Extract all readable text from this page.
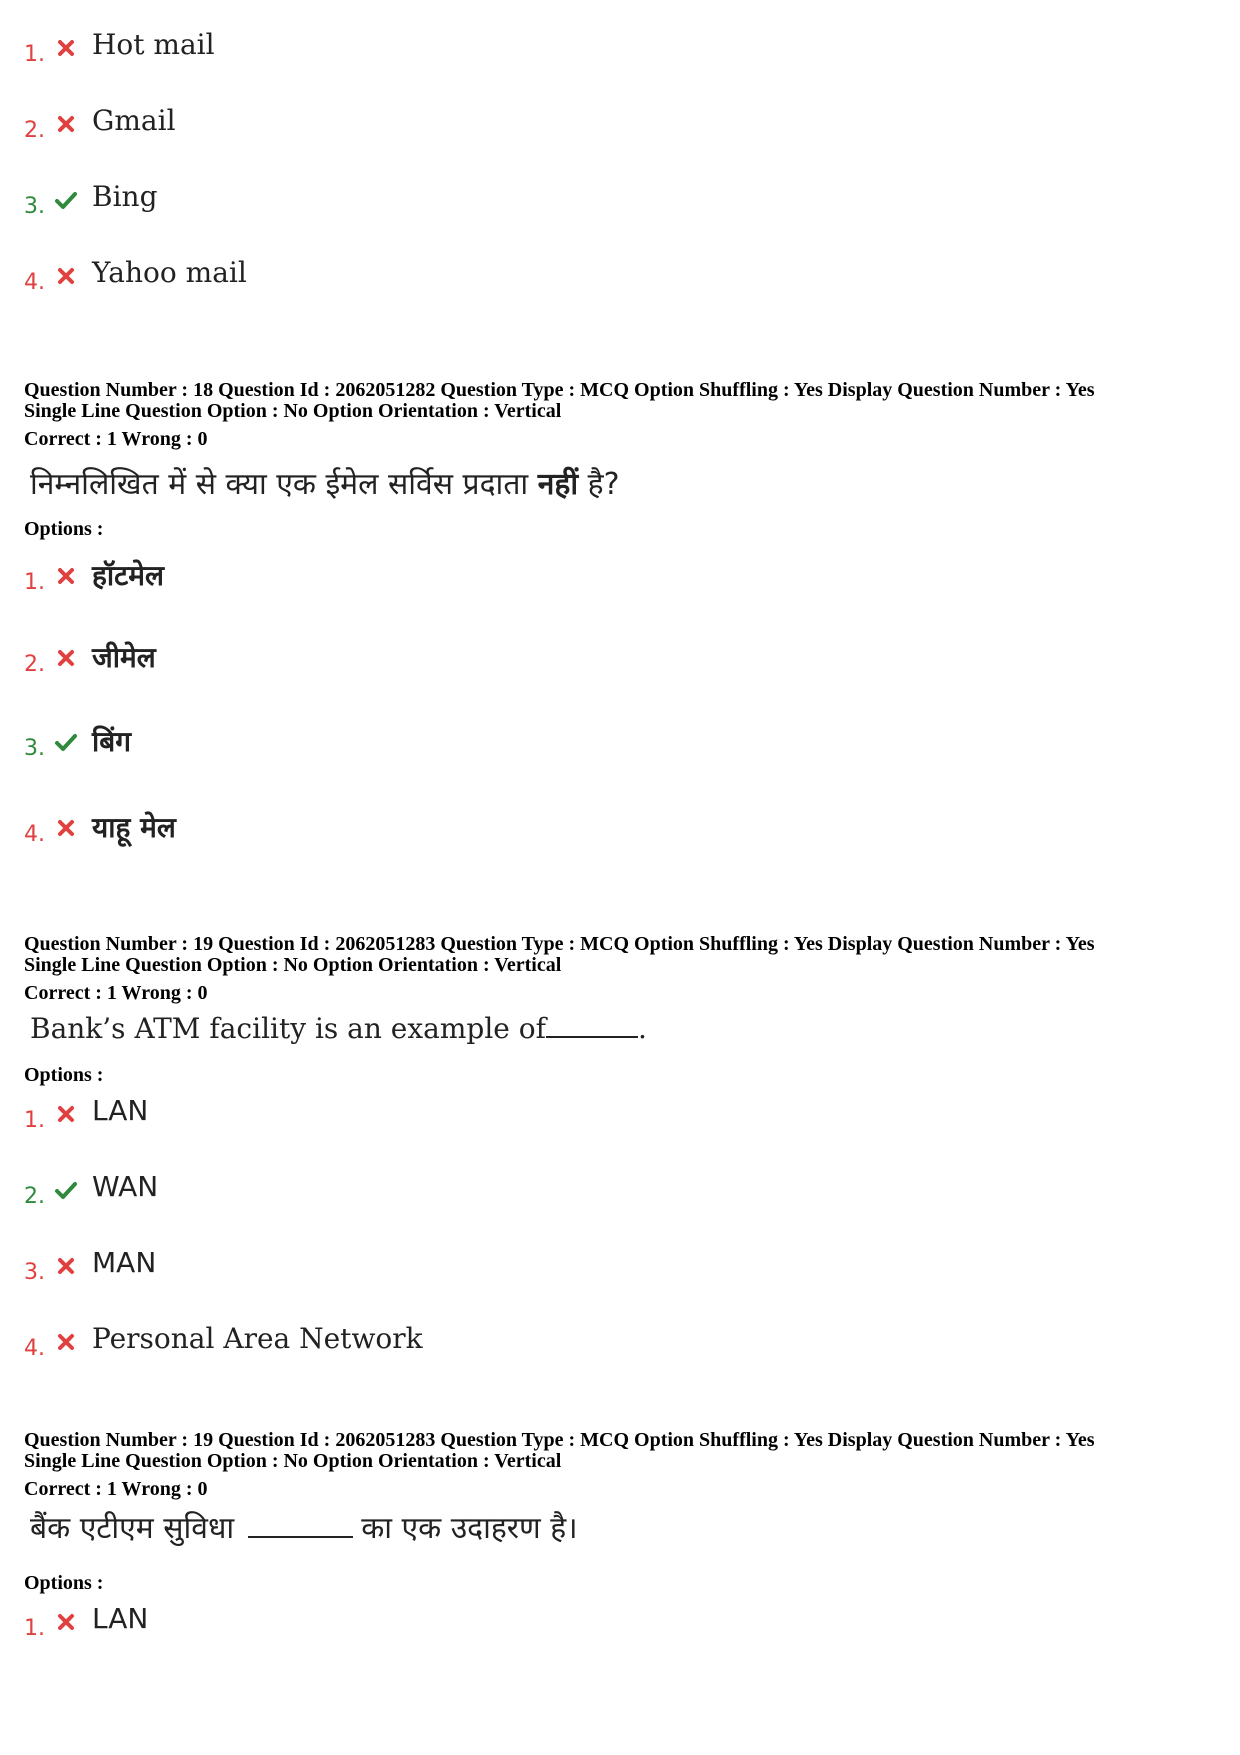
1. Hot mail
2. Gmail
3. Bing
4. Yahoo mail
Question Number : 18 Question Id : 2062051282 Question Type : MCQ Option Shuffling : Yes Display Question Number : Yes
Single Line Question Option : No Option Orientation : Vertical
Correct : 1 Wrong : 0
निम्नलिखित में से क्या एक ईमेल सर्विस प्रदाता नहीं है?
Options :
1. हॉटमेल
2. जीमेल
3. बिंग
4. याहू मेल
Question Number : 19 Question Id : 2062051283 Question Type : MCQ Option Shuffling : Yes Display Question Number : Yes
Single Line Question Option : No Option Orientation : Vertical
Correct : 1 Wrong : 0
Bank’s ATM facility is an example of	.
Options :
1. LAN
2. WAN
3. MAN
4. Personal Area Network
Question Number : 19 Question Id : 2062051283 Question Type : MCQ Option Shuffling : Yes Display Question Number : Yes
Single Line Question Option : No Option Orientation : Vertical
Correct : 1 Wrong : 0
बैंक एटीएम सुविधा	का एक उदाहरण है।
Options :
1. LAN
